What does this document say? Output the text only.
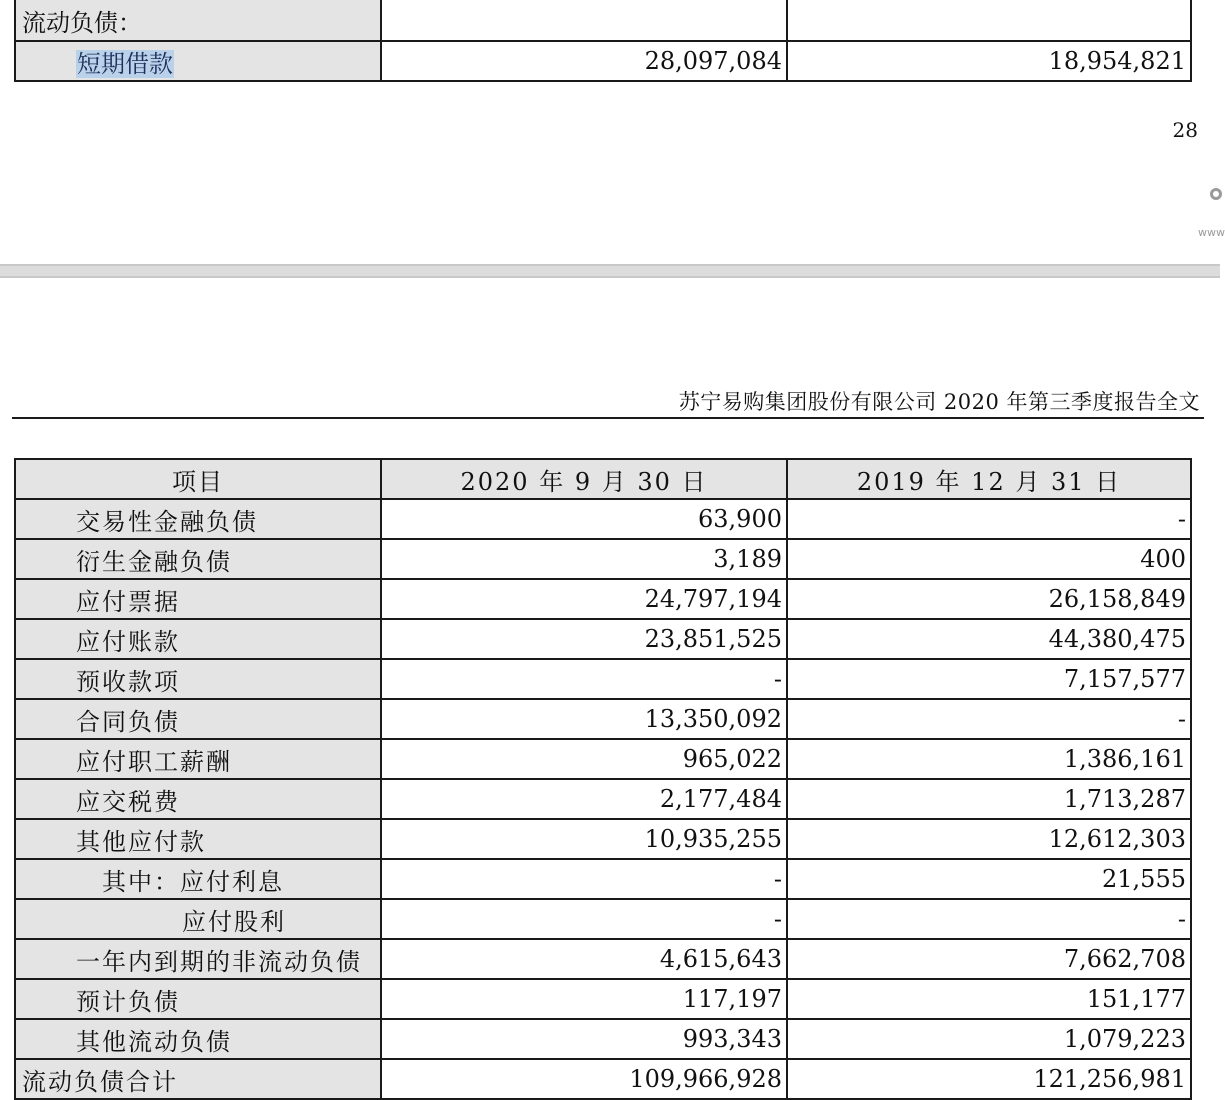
流动负债：		
短期借款	28,097,084	18,954,821
28
www
苏宁易购集团股份有限公司 2020 年第三季度报告全文
项目	2020 年 9 月 30 日	2019 年 12 月 31 日
交易性金融负债	63,900	-
衍生金融负债	3,189	400
应付票据	24,797,194	26,158,849
应付账款	23,851,525	44,380,475
预收款项	-	7,157,577
合同负债	13,350,092	-
应付职工薪酬	965,022	1,386,161
应交税费	2,177,484	1,713,287
其他应付款	10,935,255	12,612,303
其中：应付利息	-	21,555
应付股利	-	-
一年内到期的非流动负债	4,615,643	7,662,708
预计负债	117,197	151,177
其他流动负债	993,343	1,079,223
流动负债合计	109,966,928	121,256,981
